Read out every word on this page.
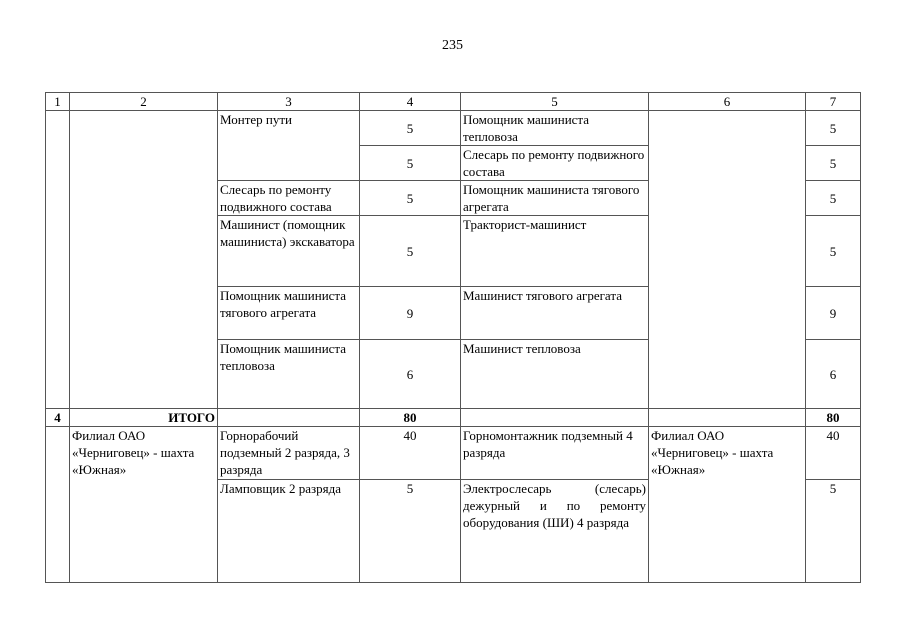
235
1	2	3	4	5	6	7
		Монтер пути	5	Помощник машиниста тепловоза		5
			5	Слесарь по ремонту подвижного состава		5
		Слесарь по ремонту подвижного состава	5	Помощник машиниста тягового агрегата		5
		Машинист (помощник машиниста) экскаватора	5	Тракторист-машинист		5
		Помощник машиниста тягового агрегата	9	Машинист тягового агрегата		9
		Помощник машиниста тепловоза	6	Машинист тепловоза		6
4	ИТОГО		80			80
	Филиал ОАО «Черниговец» - шахта «Южная»	Горнорабочий подземный 2 разряда, 3 разряда	40	Горномонтажник подземный 4 разряда	Филиал ОАО «Черниговец» - шахта «Южная»	40
		Ламповщик 2 разряда	5	Электрослесарь (слесарь) дежурный и по ремонту оборудования (ШИ) 4 разряда		5
